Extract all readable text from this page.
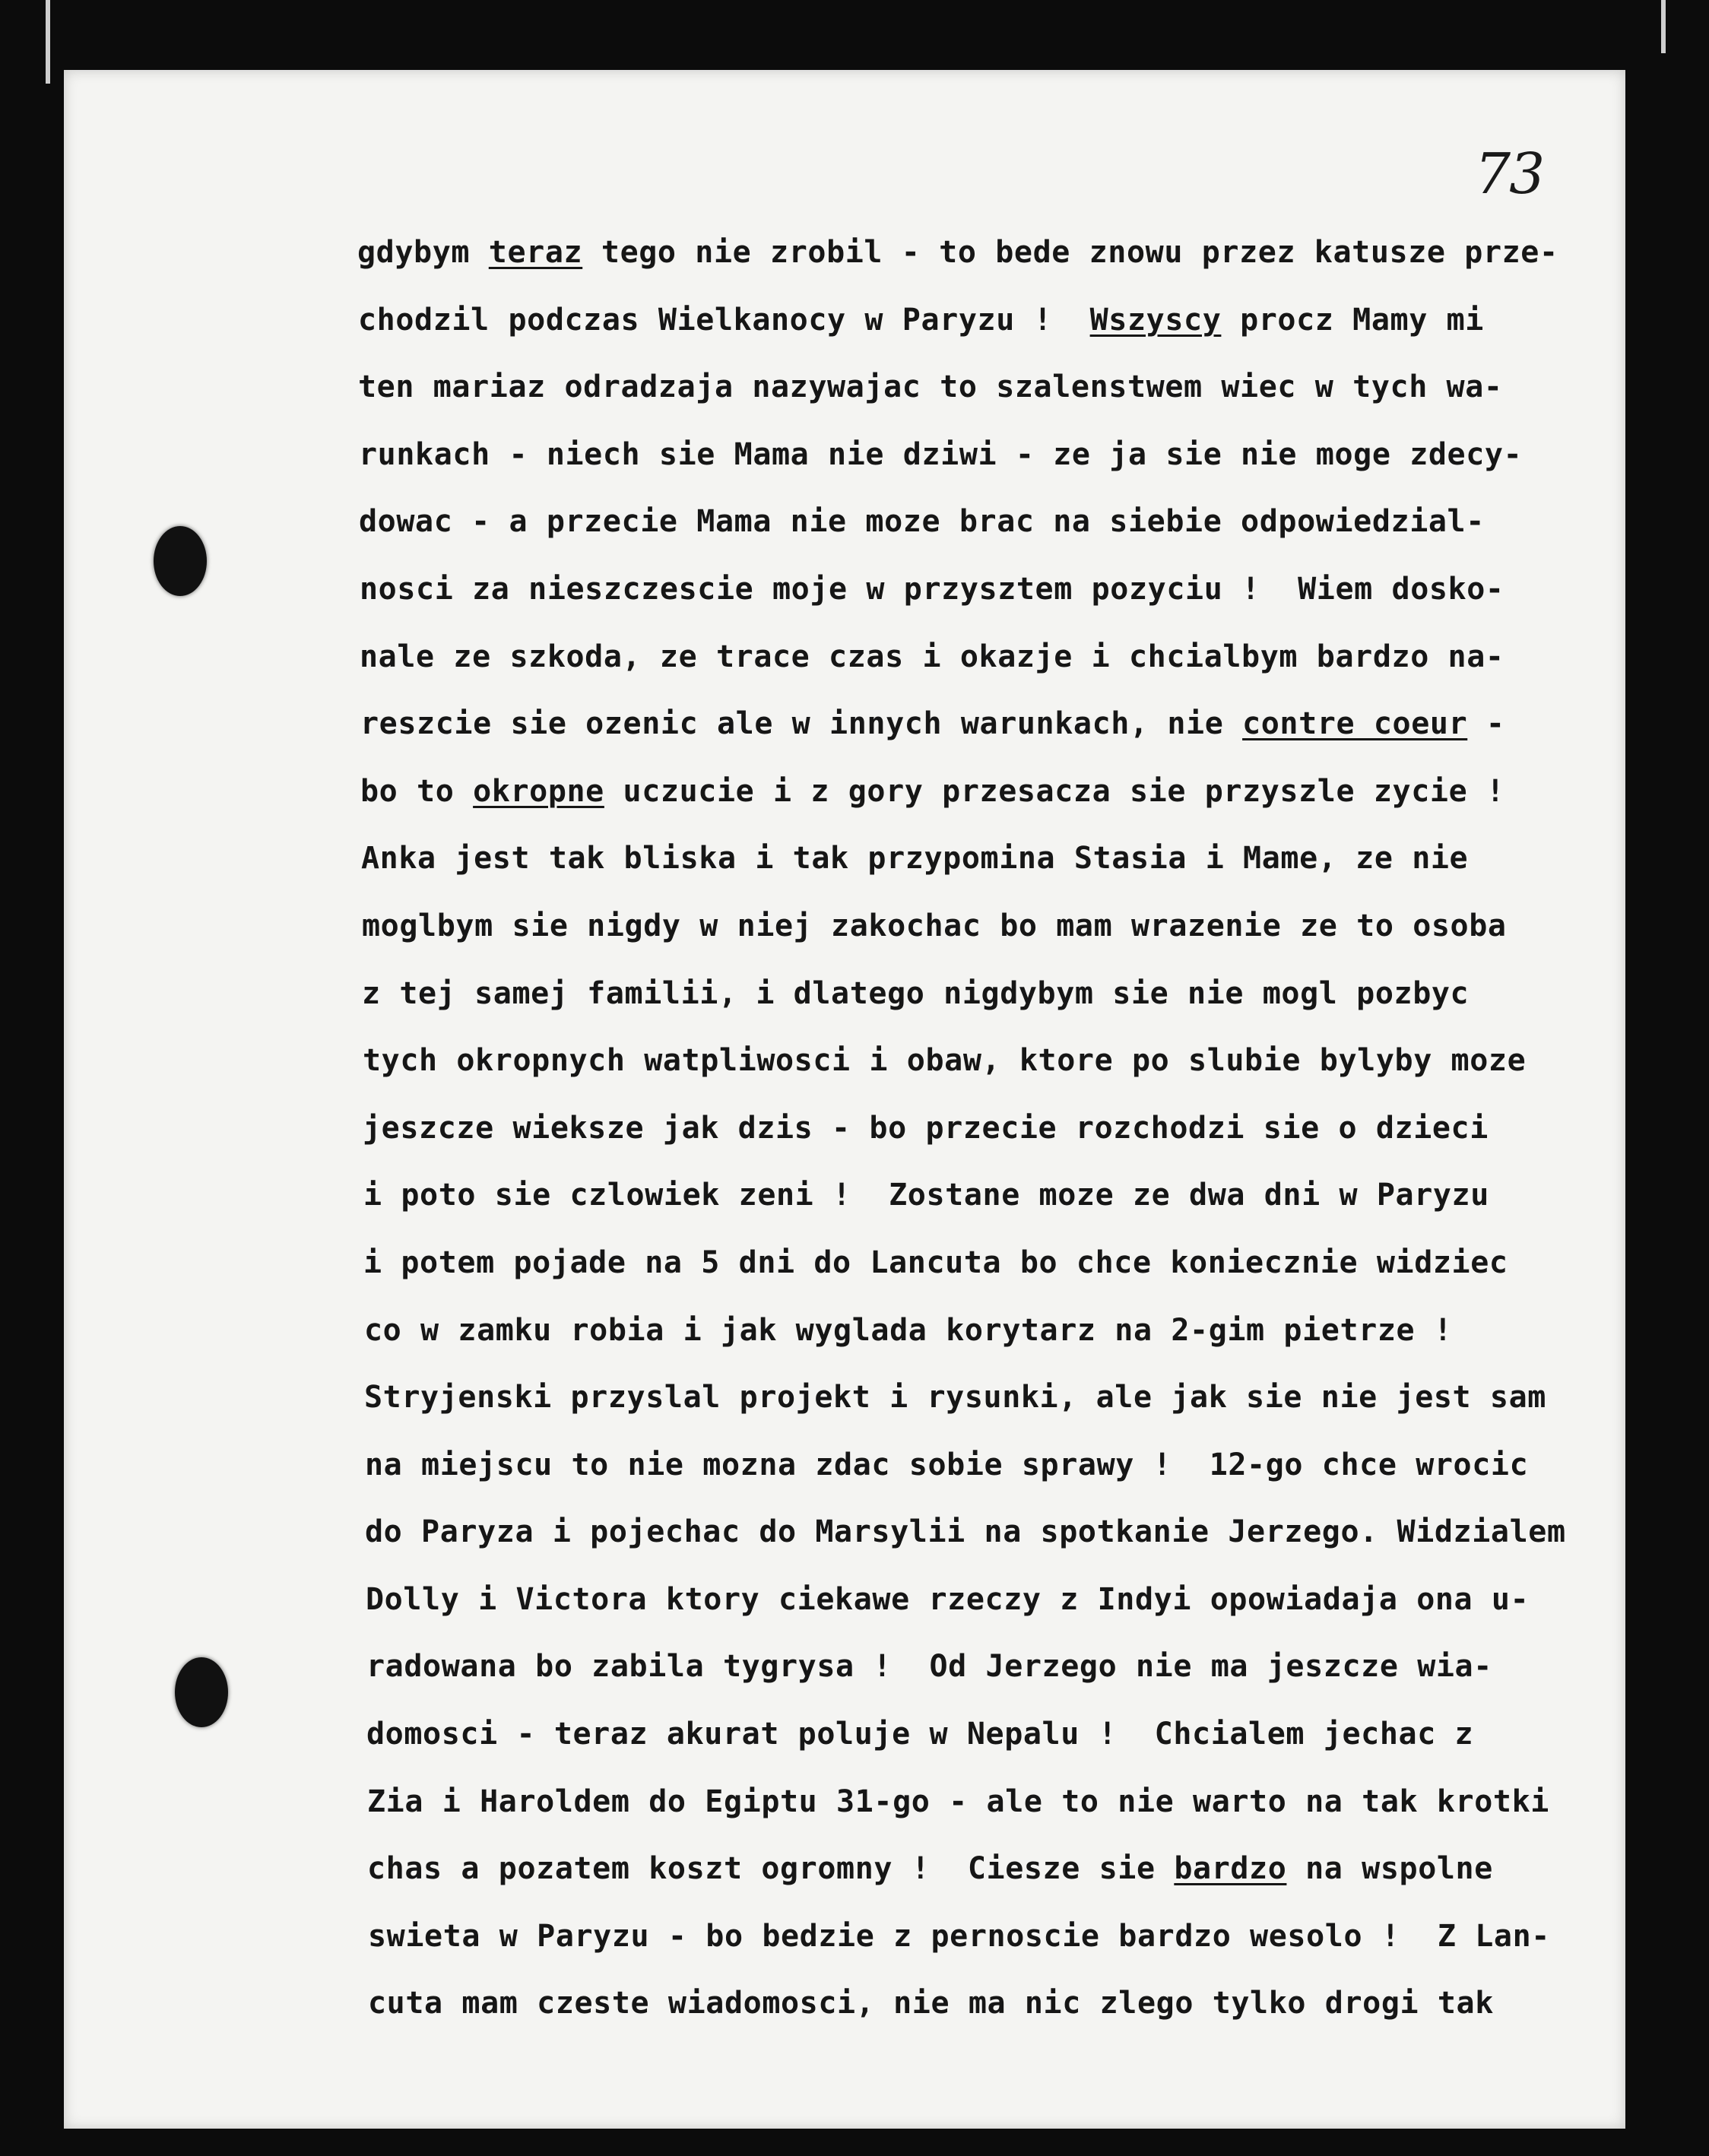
73
gdybym teraz tego nie zrobil - to bede znowu przez katusze prze-
chodzil podczas Wielkanocy w Paryzu !  Wszyscy procz Mamy mi
ten mariaz odradzaja nazywajac to szalenstwem wiec w tych wa-
runkach - niech sie Mama nie dziwi - ze ja sie nie moge zdecy-
dowac - a przecie Mama nie moze brac na siebie odpowiedzial-
nosci za nieszczescie moje w przysztem pozyciu !  Wiem dosko-
nale ze szkoda, ze trace czas i okazje i chcialbym bardzo na-
reszcie sie ozenic ale w innych warunkach, nie contre coeur -
bo to okropne uczucie i z gory przesacza sie przyszle zycie !
Anka jest tak bliska i tak przypomina Stasia i Mame, ze nie
moglbym sie nigdy w niej zakochac bo mam wrazenie ze to osoba
z tej samej familii, i dlatego nigdybym sie nie mogl pozbyc
tych okropnych watpliwosci i obaw, ktore po slubie bylyby moze
jeszcze wieksze jak dzis - bo przecie rozchodzi sie o dzieci
i poto sie czlowiek zeni !  Zostane moze ze dwa dni w Paryzu
i potem pojade na 5 dni do Lancuta bo chce koniecznie widziec
co w zamku robia i jak wyglada korytarz na 2-gim pietrze !
Stryjenski przyslal projekt i rysunki, ale jak sie nie jest sam
na miejscu to nie mozna zdac sobie sprawy !  12-go chce wrocic
do Paryza i pojechac do Marsylii na spotkanie Jerzego. Widzialem
Dolly i Victora ktory ciekawe rzeczy z Indyi opowiadaja ona u-
radowana bo zabila tygrysa !  Od Jerzego nie ma jeszcze wia-
domosci - teraz akurat poluje w Nepalu !  Chcialem jechac z
Zia i Haroldem do Egiptu 31-go - ale to nie warto na tak krotki
chas a pozatem koszt ogromny !  Ciesze sie bardzo na wspolne
swieta w Paryzu - bo bedzie z pernoscie bardzo wesolo !  Z Lan-
cuta mam czeste wiadomosci, nie ma nic zlego tylko drogi tak
